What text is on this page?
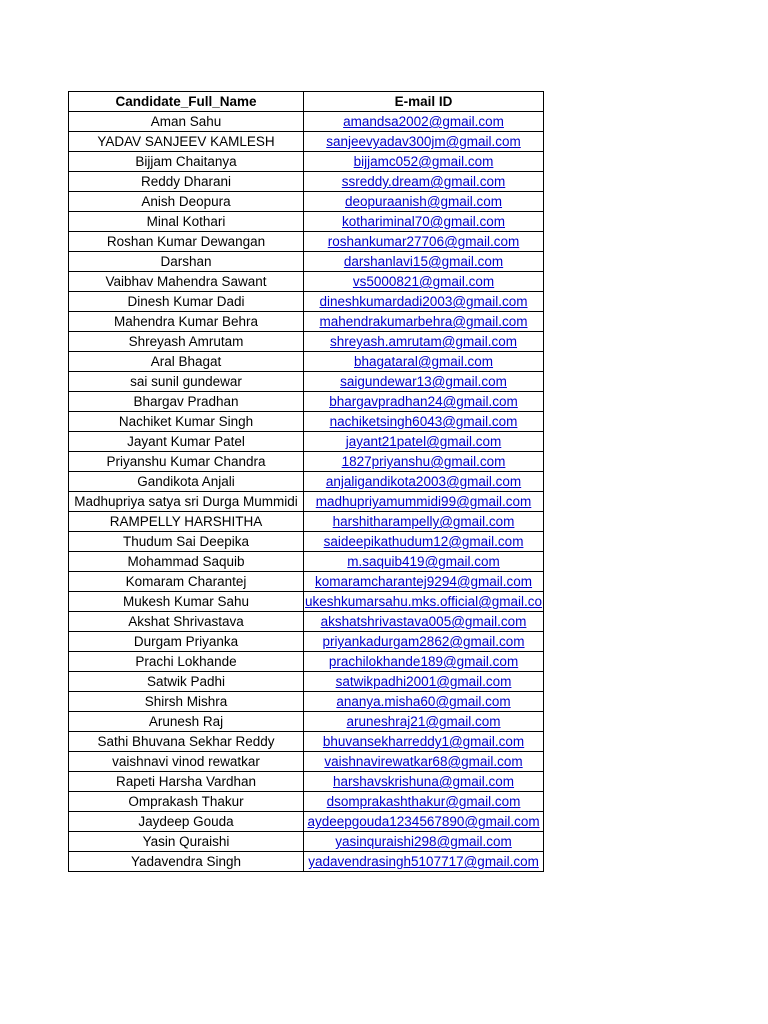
Candidate_Full_Name	E-mail ID
Aman Sahu	amandsa2002@gmail.com
YADAV SANJEEV KAMLESH	sanjeevyadav300jm@gmail.com
Bijjam Chaitanya	bijjamc052@gmail.com
Reddy Dharani	ssreddy.dream@gmail.com
Anish Deopura	deopuraanish@gmail.com
Minal Kothari	kothariminal70@gmail.com
Roshan Kumar Dewangan	roshankumar27706@gmail.com
Darshan	darshanlavi15@gmail.com
Vaibhav Mahendra Sawant	vs5000821@gmail.com
Dinesh Kumar Dadi	dineshkumardadi2003@gmail.com
Mahendra Kumar Behra	mahendrakumarbehra@gmail.com
Shreyash Amrutam	shreyash.amrutam@gmail.com
Aral Bhagat	bhagataral@gmail.com
sai sunil gundewar	saigundewar13@gmail.com
Bhargav Pradhan	bhargavpradhan24@gmail.com
Nachiket Kumar Singh	nachiketsingh6043@gmail.com
Jayant Kumar Patel	jayant21patel@gmail.com
Priyanshu Kumar Chandra	1827priyanshu@gmail.com
Gandikota Anjali	anjaligandikota2003@gmail.com
Madhupriya satya sri Durga Mummidi	madhupriyamummidi99@gmail.com
RAMPELLY HARSHITHA	harshitharampelly@gmail.com
Thudum Sai Deepika	saideepikathudum12@gmail.com
Mohammad Saquib	m.saquib419@gmail.com
Komaram Charantej	komaramcharantej9294@gmail.com
Mukesh Kumar Sahu	ukeshkumarsahu.mks.official@gmail.co
Akshat Shrivastava	akshatshrivastava005@gmail.com
Durgam Priyanka	priyankadurgam2862@gmail.com
Prachi Lokhande	prachilokhande189@gmail.com
Satwik Padhi	satwikpadhi2001@gmail.com
Shirsh Mishra	ananya.misha60@gmail.com
Arunesh Raj	aruneshraj21@gmail.com
Sathi Bhuvana Sekhar Reddy	bhuvansekharreddy1@gmail.com
vaishnavi vinod rewatkar	vaishnavirewatkar68@gmail.com
Rapeti Harsha Vardhan	harshavskrishuna@gmail.com
Omprakash Thakur	dsomprakashthakur@gmail.com
Jaydeep Gouda	aydeepgouda1234567890@gmail.com
Yasin Quraishi	yasinquraishi298@gmail.com
Yadavendra Singh	yadavendrasingh5107717@gmail.com
